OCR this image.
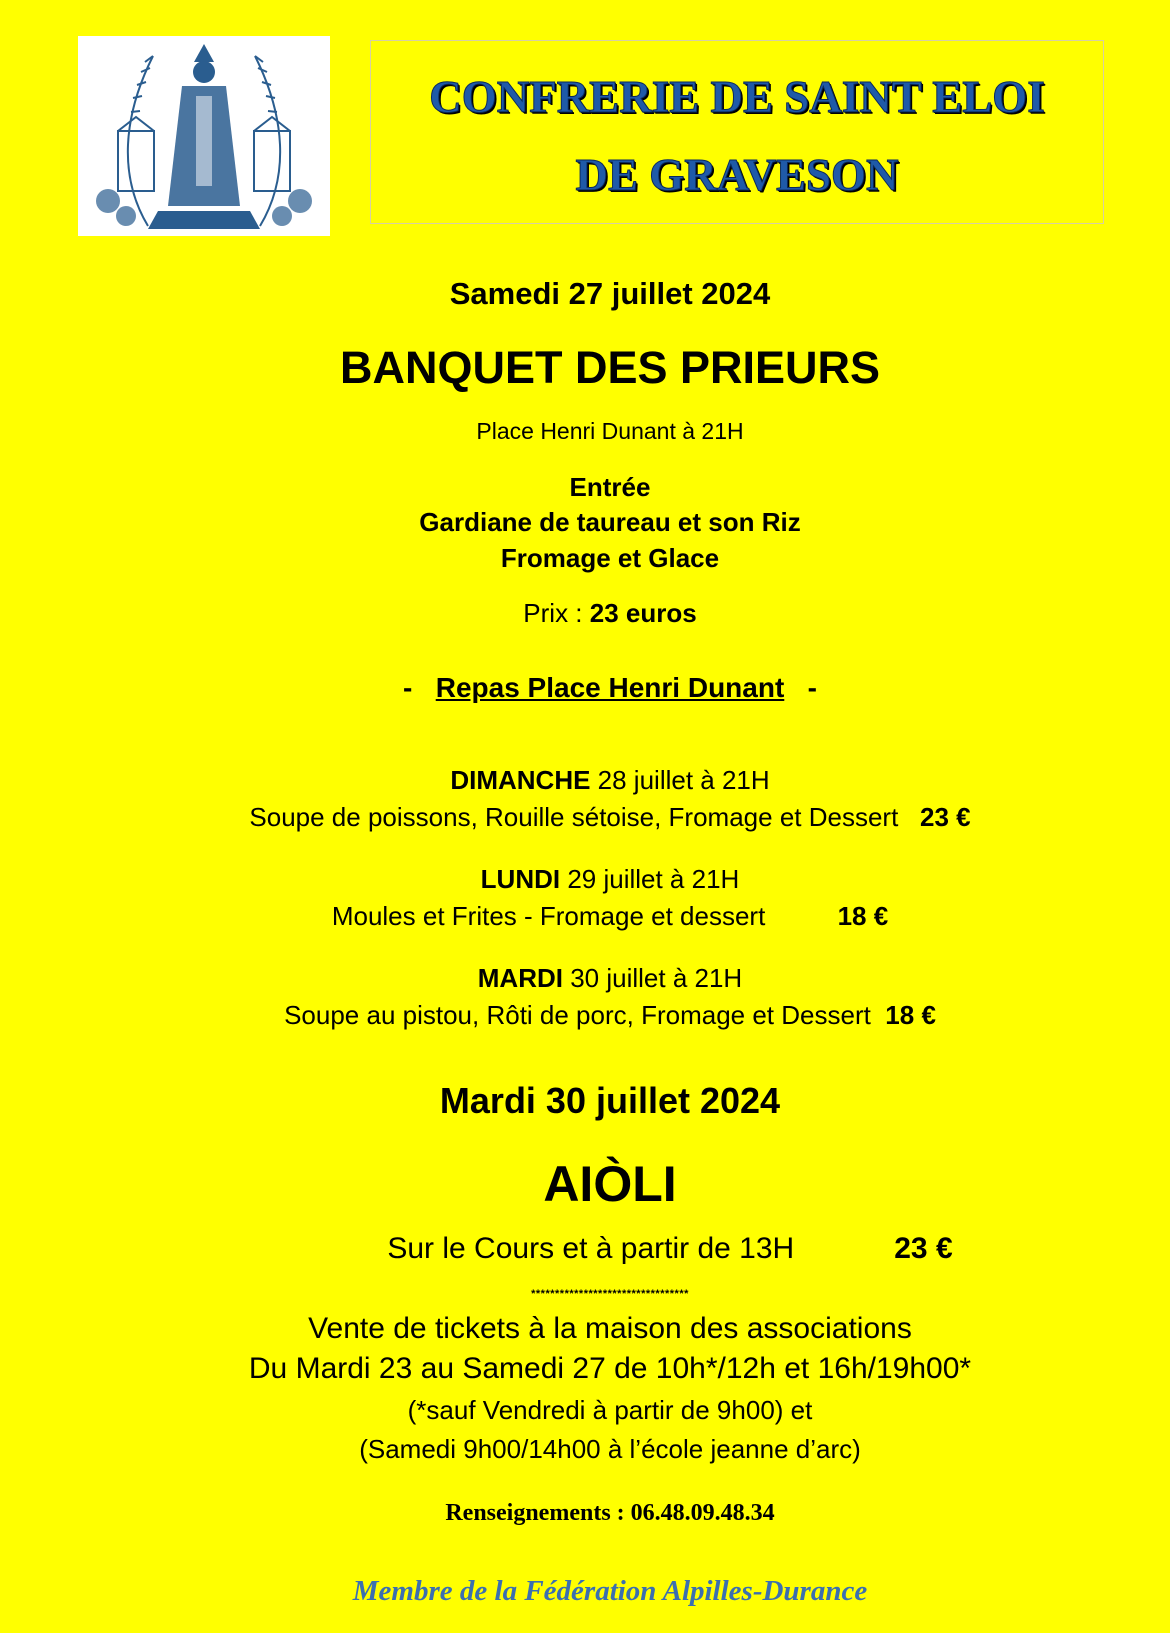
CONFRERIE DE SAINT ELOI
DE GRAVESON
Samedi 27 juillet 2024
BANQUET DES PRIEURS
Place Henri Dunant à 21H
Entrée
Gardiane de taureau et son Riz
Fromage et Glace
Prix : 23 euros
- Repas Place Henri Dunant -
DIMANCHE 28 juillet à 21H
Soupe de poissons, Rouille sétoise, Fromage et Dessert 23 €
LUNDI 29 juillet à 21H
Moules et Frites - Fromage et dessert	18 €
MARDI 30 juillet à 21H
Soupe au pistou, Rôti de porc, Fromage et Dessert 18 €
Mardi 30 juillet 2024
AIÒLI
Sur le Cours et à partir de 13H	23 €
*********************************
Vente de tickets à la maison des associations
Du Mardi 23 au Samedi 27 de 10h*/12h et 16h/19h00*
(*sauf Vendredi à partir de 9h00) et
(Samedi 9h00/14h00 à l’école jeanne d’arc)
Renseignements : 06.48.09.48.34
Membre de la Fédération Alpilles-Durance
